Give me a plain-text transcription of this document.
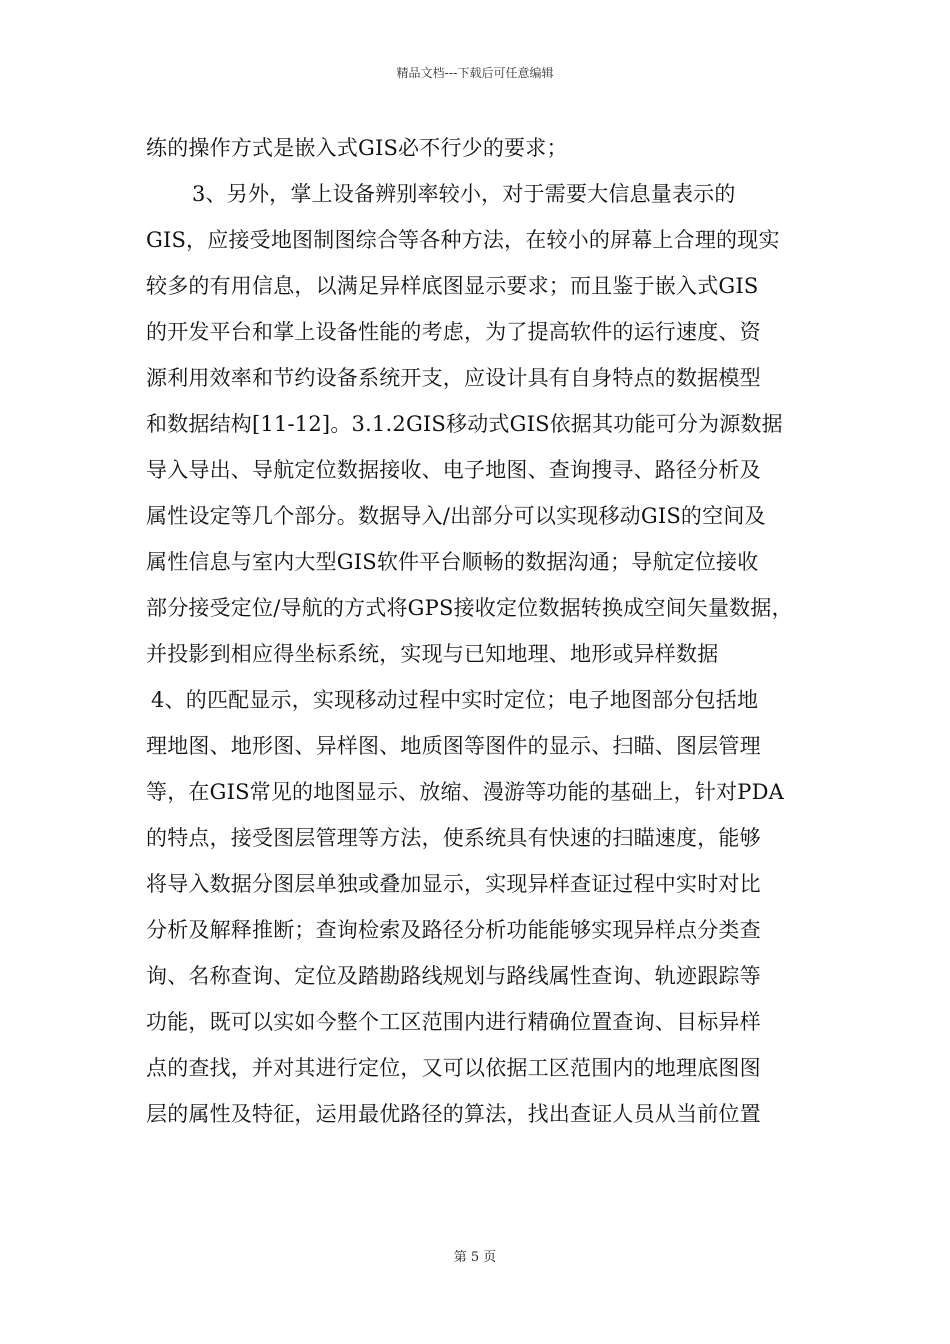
精品文档---下载后可任意编辑
练的操作方式是嵌入式GIS必不行少的要求；
3、另外，掌上设备辨别率较小，对于需要大信息量表示的
GIS，应接受地图制图综合等各种方法，在较小的屏幕上合理的现实
较多的有用信息，以满足异样底图显示要求；而且鉴于嵌入式GIS
的开发平台和掌上设备性能的考虑，为了提高软件的运行速度、资
源利用效率和节约设备系统开支，应设计具有自身特点的数据模型
和数据结构[11-12]。3.1.2GIS移动式GIS依据其功能可分为源数据
导入导出、导航定位数据接收、电子地图、查询搜寻、路径分析及
属性设定等几个部分。数据导入/出部分可以实现移动GIS的空间及
属性信息与室内大型GIS软件平台顺畅的数据沟通；导航定位接收
部分接受定位/导航的方式将GPS接收定位数据转换成空间矢量数据，
并投影到相应得坐标系统，实现与已知地理、地形或异样数据
4、的匹配显示，实现移动过程中实时定位；电子地图部分包括地
理地图、地形图、异样图、地质图等图件的显示、扫瞄、图层管理
等，在GIS常见的地图显示、放缩、漫游等功能的基础上，针对PDA
的特点，接受图层管理等方法，使系统具有快速的扫瞄速度，能够
将导入数据分图层单独或叠加显示，实现异样查证过程中实时对比
分析及解释推断；查询检索及路径分析功能能够实现异样点分类查
询、名称查询、定位及踏勘路线规划与路线属性查询、轨迹跟踪等
功能，既可以实如今整个工区范围内进行精确位置查询、目标异样
点的查找，并对其进行定位，又可以依据工区范围内的地理底图图
层的属性及特征，运用最优路径的算法，找出查证人员从当前位置
第 5 页
